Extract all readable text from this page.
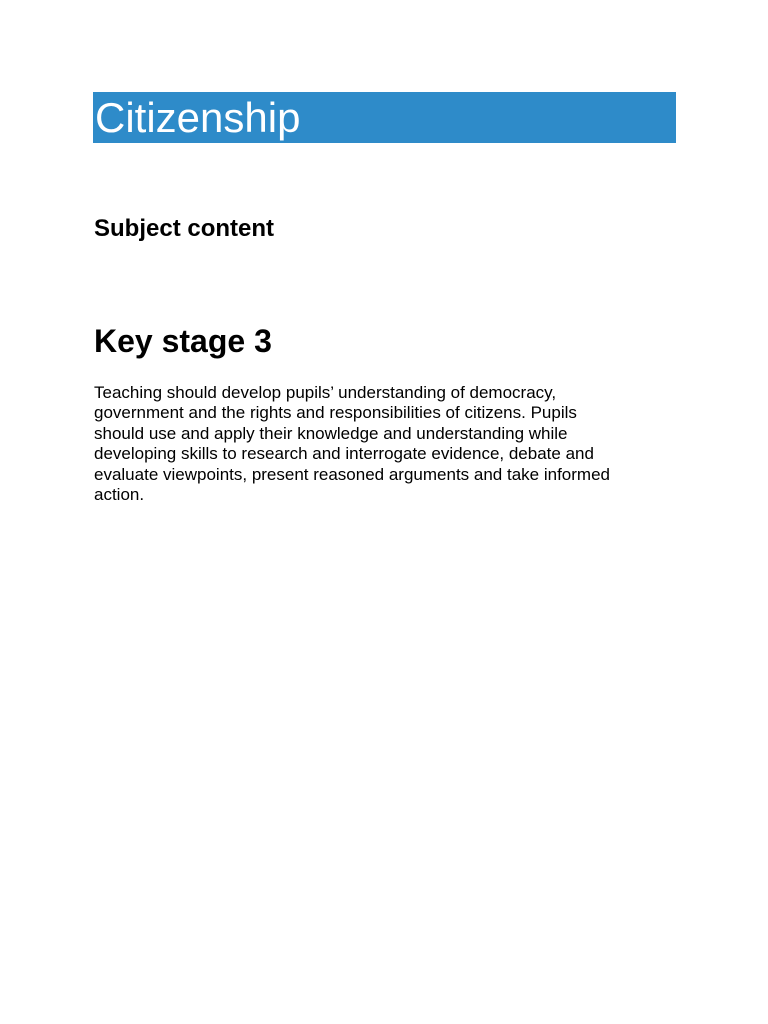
Citizenship
Subject content
Key stage 3

Teaching should develop pupils’ understanding of democracy,
government and the rights and responsibilities of citizens. Pupils
should use and apply their knowledge and understanding while
developing skills to research and interrogate evidence, debate and
evaluate viewpoints, present reasoned arguments and take informed
action.
